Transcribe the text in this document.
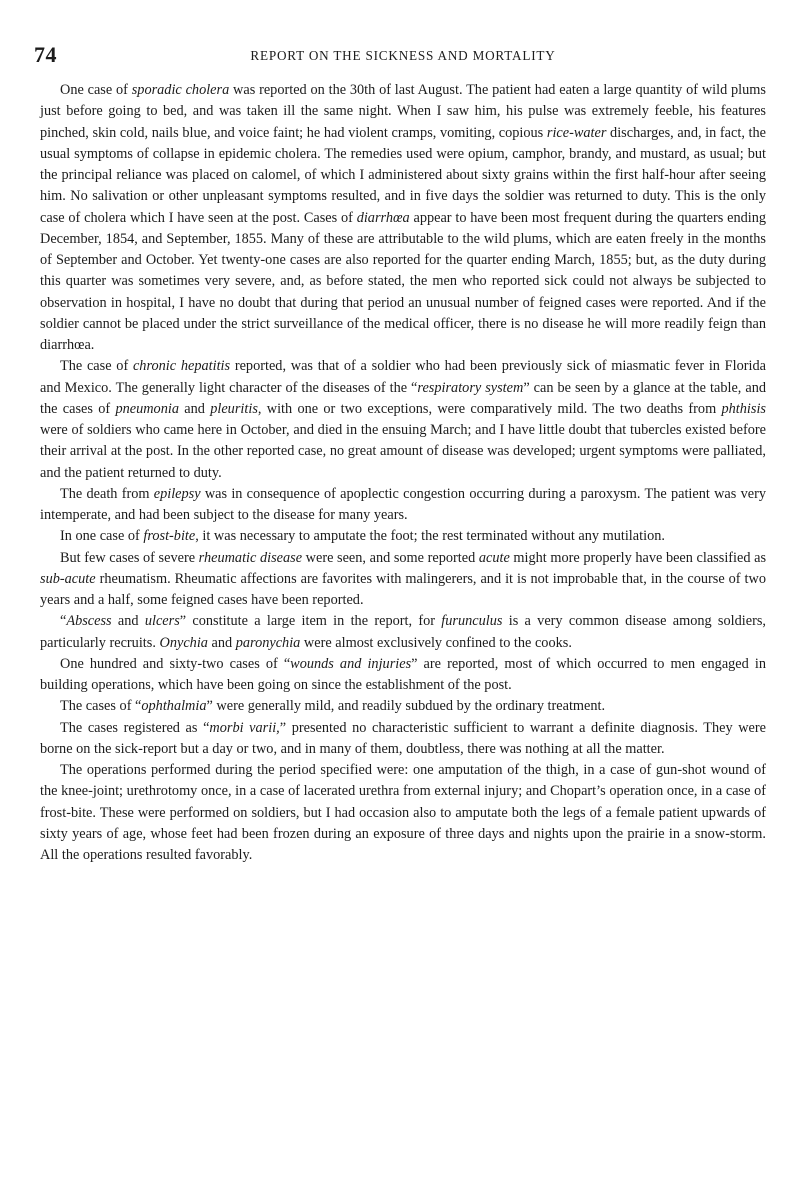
74	REPORT ON THE SICKNESS AND MORTALITY

One case of sporadic cholera was reported on the 30th of last August. The patient had eaten a large quantity of wild plums just before going to bed, and was taken ill the same night. When I saw him, his pulse was extremely feeble, his features pinched, skin cold, nails blue, and voice faint; he had violent cramps, vomiting, copious rice-water discharges, and, in fact, the usual symptoms of collapse in epidemic cholera. The remedies used were opium, camphor, brandy, and mustard, as usual; but the principal reliance was placed on calomel, of which I administered about sixty grains within the first half-hour after seeing him. No salivation or other unpleasant symptoms resulted, and in five days the soldier was returned to duty. This is the only case of cholera which I have seen at the post. Cases of diarrhœa appear to have been most frequent during the quarters ending December, 1854, and September, 1855. Many of these are attributable to the wild plums, which are eaten freely in the months of September and October. Yet twenty-one cases are also reported for the quarter ending March, 1855; but, as the duty during this quarter was sometimes very severe, and, as before stated, the men who reported sick could not always be subjected to observation in hospital, I have no doubt that during that period an unusual number of feigned cases were reported. And if the soldier cannot be placed under the strict surveillance of the medical officer, there is no disease he will more readily feign than diarrhœa.

The case of chronic hepatitis reported, was that of a soldier who had been previously sick of miasmatic fever in Florida and Mexico. The generally light character of the diseases of the “respiratory system” can be seen by a glance at the table, and the cases of pneumonia and pleuritis, with one or two exceptions, were comparatively mild. The two deaths from phthisis were of soldiers who came here in October, and died in the ensuing March; and I have little doubt that tubercles existed before their arrival at the post. In the other reported case, no great amount of disease was developed; urgent symptoms were palliated, and the patient returned to duty.

The death from epilepsy was in consequence of apoplectic congestion occurring during a paroxysm. The patient was very intemperate, and had been subject to the disease for many years.

In one case of frost-bite, it was necessary to amputate the foot; the rest terminated without any mutilation.

But few cases of severe rheumatic disease were seen, and some reported acute might more properly have been classified as sub-acute rheumatism. Rheumatic affections are favorites with malingerers, and it is not improbable that, in the course of two years and a half, some feigned cases have been reported.

“Abscess and ulcers” constitute a large item in the report, for furunculus is a very common disease among soldiers, particularly recruits. Onychia and paronychia were almost exclusively confined to the cooks.

One hundred and sixty-two cases of “wounds and injuries” are reported, most of which occurred to men engaged in building operations, which have been going on since the establishment of the post.

The cases of “ophthalmia” were generally mild, and readily subdued by the ordinary treatment.

The cases registered as “morbi varii,” presented no characteristic sufficient to warrant a definite diagnosis. They were borne on the sick-report but a day or two, and in many of them, doubtless, there was nothing at all the matter.

The operations performed during the period specified were: one amputation of the thigh, in a case of gun-shot wound of the knee-joint; urethrotomy once, in a case of lacerated urethra from external injury; and Chopart’s operation once, in a case of frost-bite. These were performed on soldiers, but I had occasion also to amputate both the legs of a female patient upwards of sixty years of age, whose feet had been frozen during an exposure of three days and nights upon the prairie in a snow-storm. All the operations resulted favorably.
